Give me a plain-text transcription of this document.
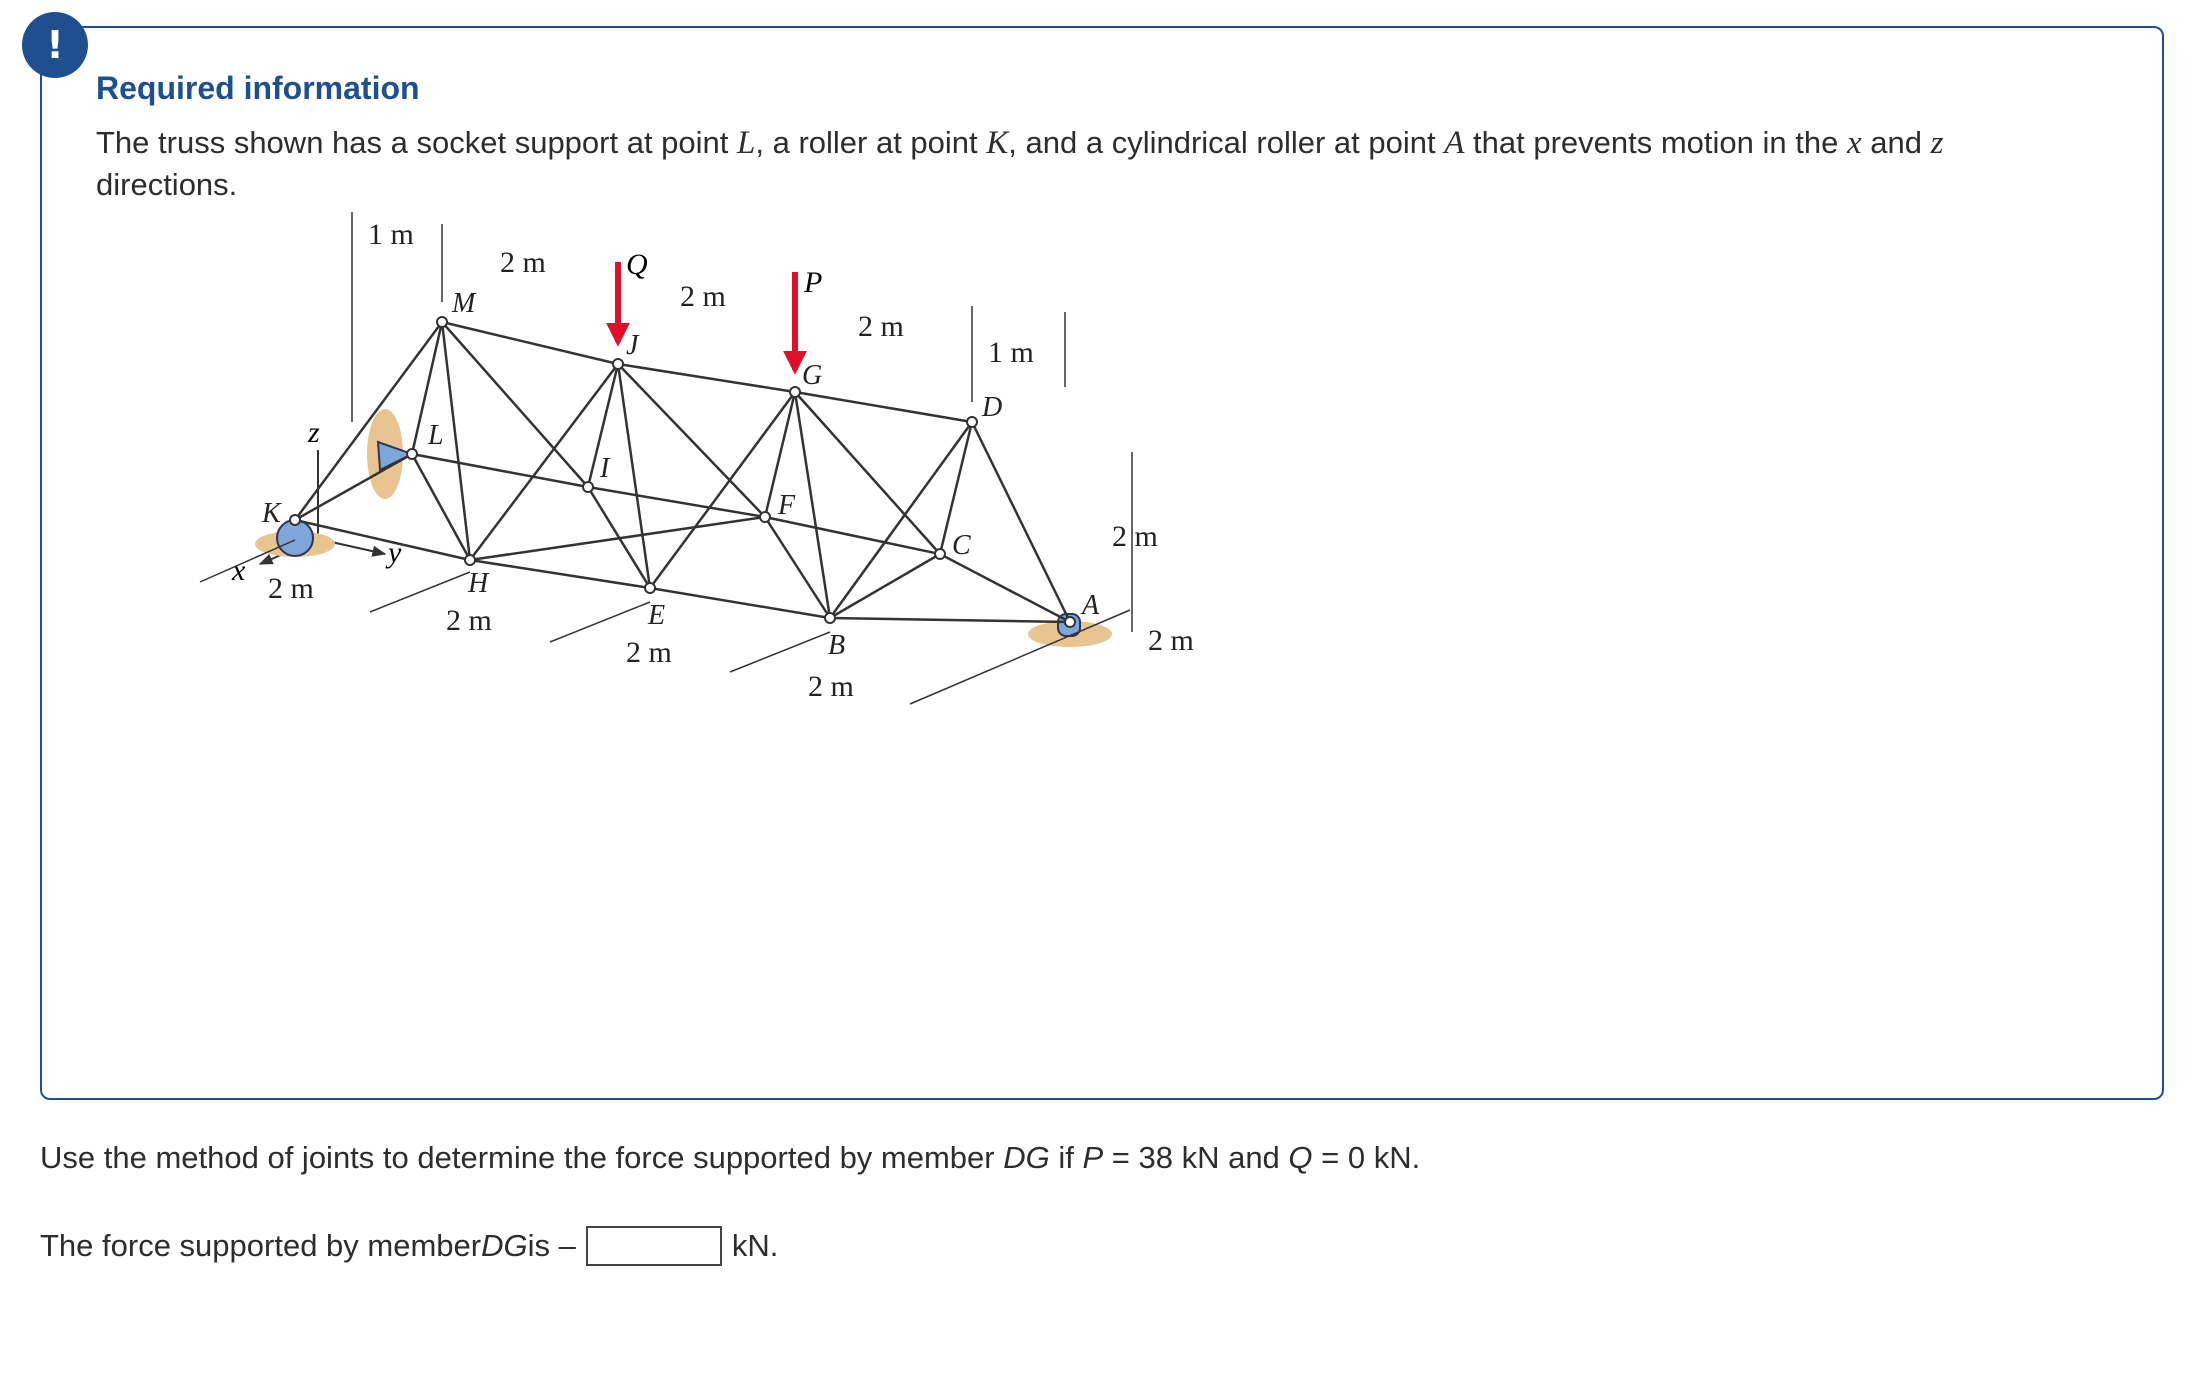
!
Required information
The truss shown has a socket support at point L, a roller at point K, and a cylindrical roller at point A that prevents motion in the x and z directions.
z
y
x
K
L
M
H
I
J
E
F
G
B
C
D
A
Q
P
1 m
2 m
2 m
2 m
1 m
2 m
2 m
2 m
2 m
2 m
2 m
Use the method of joints to determine the force supported by member DG if P = 38 kN and Q = 0 kN.
The force supported by member DG is –	kN.
